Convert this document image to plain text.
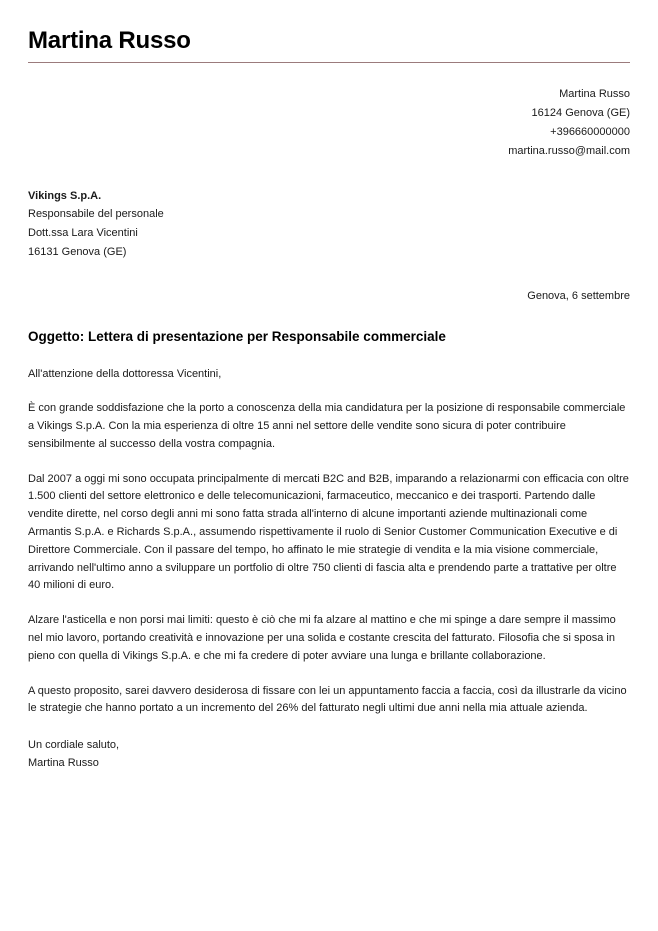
Martina Russo
Martina Russo
16124 Genova (GE)
+396660000000
martina.russo@mail.com
Vikings S.p.A.
Responsabile del personale
Dott.ssa Lara Vicentini
16131 Genova (GE)
Genova, 6 settembre
Oggetto: Lettera di presentazione per Responsabile commerciale

All'attenzione della dottoressa Vicentini,

È con grande soddisfazione che la porto a conoscenza della mia candidatura per la posizione di responsabile commerciale a Vikings S.p.A. Con la mia esperienza di oltre 15 anni nel settore delle vendite sono sicura di poter contribuire sensibilmente al successo della vostra compagnia.

Dal 2007 a oggi mi sono occupata principalmente di mercati B2C and B2B, imparando a relazionarmi con efficacia con oltre 1.500 clienti del settore elettronico e delle telecomunicazioni, farmaceutico, meccanico e dei trasporti. Partendo dalle vendite dirette, nel corso degli anni mi sono fatta strada all'interno di alcune importanti aziende multinazionali come Armantis S.p.A. e Richards S.p.A., assumendo rispettivamente il ruolo di Senior Customer Communication Executive e di Direttore Commerciale. Con il passare del tempo, ho affinato le mie strategie di vendita e la mia visione commerciale, arrivando nell'ultimo anno a sviluppare un portfolio di oltre 750 clienti di fascia alta e prendendo parte a trattative per oltre 40 milioni di euro.

Alzare l'asticella e non porsi mai limiti: questo è ciò che mi fa alzare al mattino e che mi spinge a dare sempre il massimo nel mio lavoro, portando creatività e innovazione per una solida e costante crescita del fatturato. Filosofia che si sposa in pieno con quella di Vikings S.p.A. e che mi fa credere di poter avviare una lunga e brillante collaborazione.

A questo proposito, sarei davvero desiderosa di fissare con lei un appuntamento faccia a faccia, così da illustrarle da vicino le strategie che hanno portato a un incremento del 26% del fatturato negli ultimi due anni nella mia attuale azienda.

Un cordiale saluto,
Martina Russo
